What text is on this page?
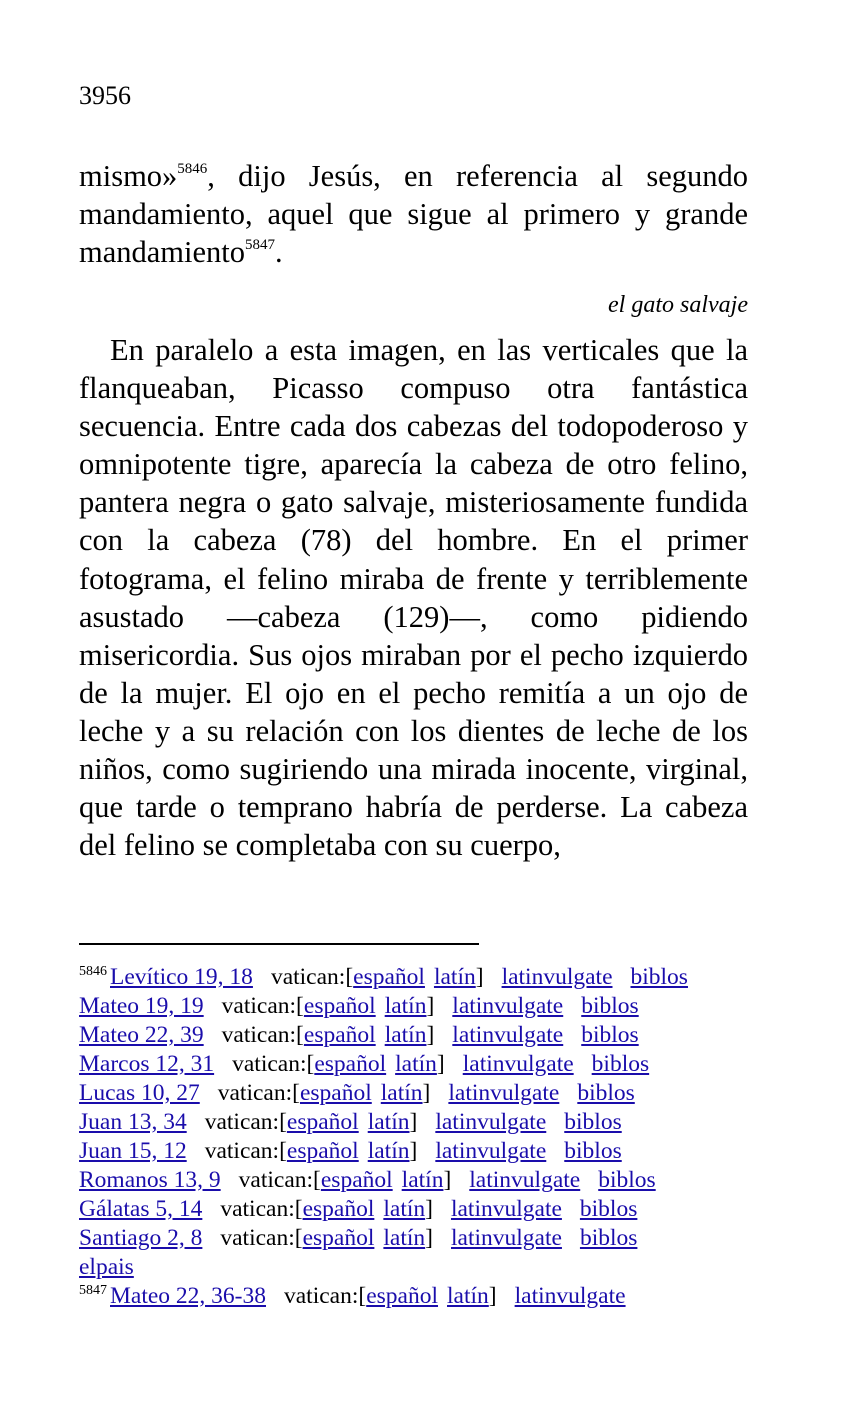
3956

mismo»$^{5846}$, dijo Jesús, en referencia al segundo mandamiento, aquel que sigue al primero y grande mandamiento$^{5847}$.

el gato salvaje

En paralelo a esta imagen, en las verticales que la flanqueaban, Picasso compuso otra fantástica secuencia. Entre cada dos cabezas del todopoderoso y omnipotente tigre, aparecía la cabeza de otro felino, pantera negra o gato salvaje, misteriosamente fundida con la cabeza (78) del hombre. En el primer fotograma, el felino miraba de frente y terriblemente asustado —cabeza (129)—, como pidiendo misericordia. Sus ojos miraban por el pecho izquierdo de la mujer. El ojo en el pecho remitía a un ojo de leche y a su relación con los dientes de leche de los niños, como sugiriendo una mirada inocente, virginal, que tarde o temprano habría de perderse. La cabeza del felino se completaba con su cuerpo,

$^{5846}$ Levítico 19, 18 vatican:[español latín] latinvulgate biblos
Mateo 19, 19 vatican:[español latín] latinvulgate biblos
Mateo 22, 39 vatican:[español latín] latinvulgate biblos
Marcos 12, 31 vatican:[español latín] latinvulgate biblos
Lucas 10, 27 vatican:[español latín] latinvulgate biblos
Juan 13, 34 vatican:[español latín] latinvulgate biblos
Juan 15, 12 vatican:[español latín] latinvulgate biblos
Romanos 13, 9 vatican:[español latín] latinvulgate biblos
Gálatas 5, 14 vatican:[español latín] latinvulgate biblos
Santiago 2, 8 vatican:[español latín] latinvulgate biblos
elpais
$^{5847}$ Mateo 22, 36-38 vatican:[español latín] latinvulgate
